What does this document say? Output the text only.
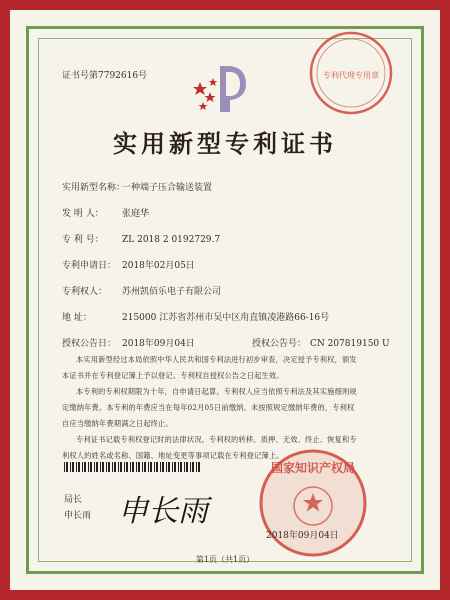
专利代理专用章
证书号第7792616号
实用新型专利证书
实用新型名称：
一种端子压合输送装置
发 明 人： 张庭华
专 利 号： ZL 2018 2 0192729.7
专利申请日： 2018年02月05日
专利权人： 苏州凯佰乐电子有限公司
地 址：	215000 江苏省苏州市吴中区甪直镇凌港路66-16号
授权公告日： 2018年09月04日	授权公告号： CN 207819150 U
本实用新型经过本局依照中华人民共和国专利法进行初步审查，决定授予专利权，颁发
本证书并在专利登记簿上予以登记。专利权自授权公告之日起生效。
本专利的专利权期限为十年，自申请日起算。专利权人应当依照专利法及其实施细则规
定缴纳年费。本专利的年费应当在每年02月05日前缴纳。未按照规定缴纳年费的，专利权
自应当缴纳年费期满之日起终止。
专利证书记载专利权登记时的法律状况。专利权的转移、质押、无效、终止、恢复和专
利权人的姓名或名称、国籍、地址变更等事项记载在专利登记簿上。
局长
申长雨 申长雨
国家知识产权局
2018年09月04日
第1页（共1页）
